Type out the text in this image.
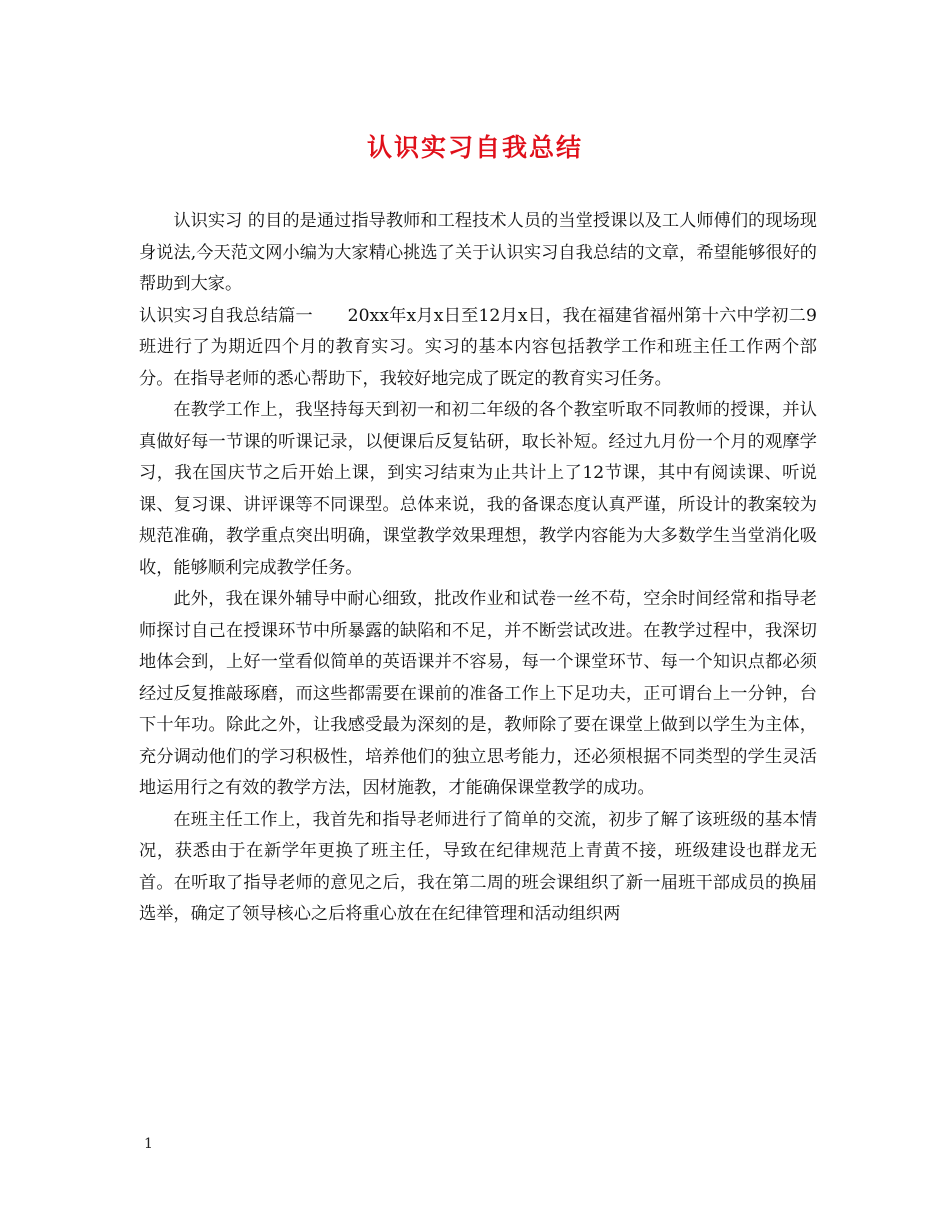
认识实习自我总结

认识实习 的目的是通过指导教师和工程技术人员的当堂授课以及工人师傅们的现场现身说法,今天范文网小编为大家精心挑选了关于认识实习自我总结的文章，希望能够很好的帮助到大家。

认识实习自我总结篇一　　20xx年x月x日至12月x日，我在福建省福州第十六中学初二9班进行了为期近四个月的教育实习。实习的基本内容包括教学工作和班主任工作两个部分。在指导老师的悉心帮助下，我较好地完成了既定的教育实习任务。

在教学工作上，我坚持每天到初一和初二年级的各个教室听取不同教师的授课，并认真做好每一节课的听课记录，以便课后反复钻研，取长补短。经过九月份一个月的观摩学习，我在国庆节之后开始上课，到实习结束为止共计上了12节课，其中有阅读课、听说课、复习课、讲评课等不同课型。总体来说，我的备课态度认真严谨，所设计的教案较为规范准确，教学重点突出明确，课堂教学效果理想，教学内容能为大多数学生当堂消化吸收，能够顺利完成教学任务。

此外，我在课外辅导中耐心细致，批改作业和试卷一丝不苟，空余时间经常和指导老师探讨自己在授课环节中所暴露的缺陷和不足，并不断尝试改进。在教学过程中，我深切地体会到，上好一堂看似简单的英语课并不容易，每一个课堂环节、每一个知识点都必须经过反复推敲琢磨，而这些都需要在课前的准备工作上下足功夫，正可谓台上一分钟，台下十年功。除此之外，让我感受最为深刻的是，教师除了要在课堂上做到以学生为主体，充分调动他们的学习积极性，培养他们的独立思考能力，还必须根据不同类型的学生灵活地运用行之有效的教学方法，因材施教，才能确保课堂教学的成功。

在班主任工作上，我首先和指导老师进行了简单的交流，初步了解了该班级的基本情况，获悉由于在新学年更换了班主任，导致在纪律规范上青黄不接，班级建设也群龙无首。在听取了指导老师的意见之后，我在第二周的班会课组织了新一届班干部成员的换届选举，确定了领导核心之后将重心放在在纪律管理和活动组织两

1
